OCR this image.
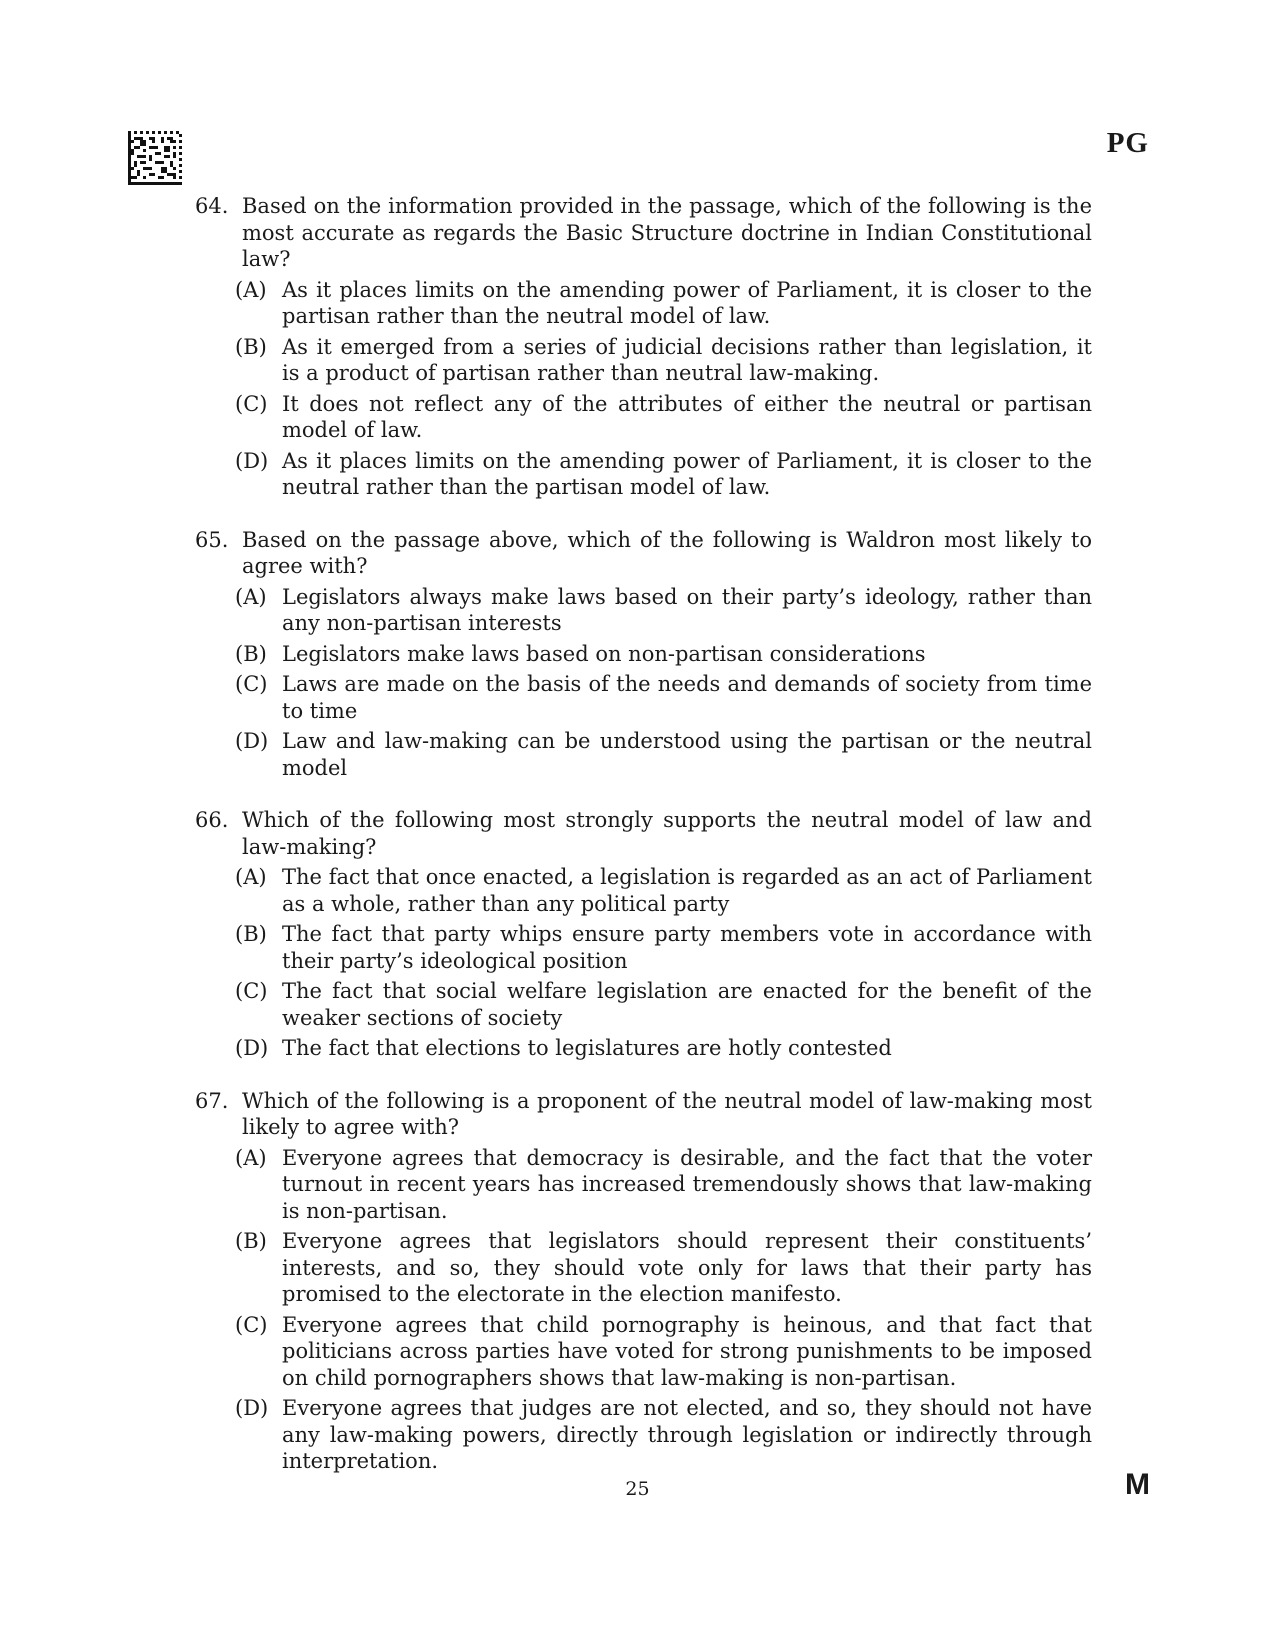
PG
64. Based on the information provided in the passage, which of the following is the most accurate as regards the Basic Structure doctrine in Indian Constitutional law?
(A) As it places limits on the amending power of Parliament, it is closer to the partisan rather than the neutral model of law.
(B) As it emerged from a series of judicial decisions rather than legislation, it is a product of partisan rather than neutral law-making.
(C) It does not reflect any of the attributes of either the neutral or partisan model of law.
(D) As it places limits on the amending power of Parliament, it is closer to the neutral rather than the partisan model of law.
65. Based on the passage above, which of the following is Waldron most likely to agree with?
(A) Legislators always make laws based on their party’s ideology, rather than any non-partisan interests
(B) Legislators make laws based on non-partisan considerations
(C) Laws are made on the basis of the needs and demands of society from time to time
(D) Law and law-making can be understood using the partisan or the neutral model
66. Which of the following most strongly supports the neutral model of law and law-making?
(A) The fact that once enacted, a legislation is regarded as an act of Parliament as a whole, rather than any political party
(B) The fact that party whips ensure party members vote in accordance with their party’s ideological position
(C) The fact that social welfare legislation are enacted for the benefit of the weaker sections of society
(D) The fact that elections to legislatures are hotly contested
67. Which of the following is a proponent of the neutral model of law-making most likely to agree with?
(A) Everyone agrees that democracy is desirable, and the fact that the voter turnout in recent years has increased tremendously shows that law-making is non-partisan.
(B) Everyone agrees that legislators should represent their constituents’ interests, and so, they should vote only for laws that their party has promised to the electorate in the election manifesto.
(C) Everyone agrees that child pornography is heinous, and that fact that politicians across parties have voted for strong punishments to be imposed on child pornographers shows that law-making is non-partisan.
(D) Everyone agrees that judges are not elected, and so, they should not have any law-making powers, directly through legislation or indirectly through interpretation.
25	M
